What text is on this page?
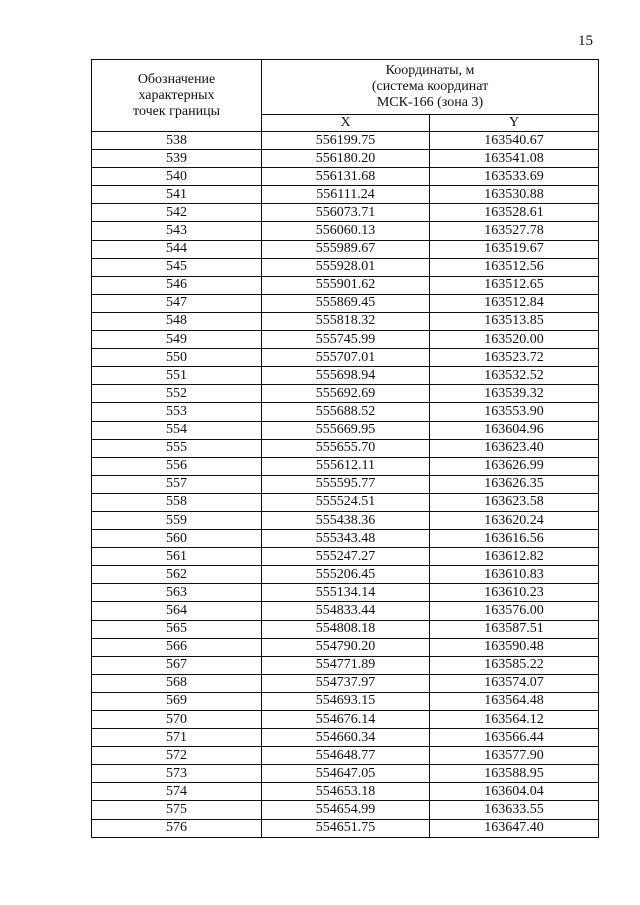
15
Обозначение
характерных
точек границы	Координаты, м
(система координат
МСК-166 (зона 3)	

	X	Y
538	556199.75	163540.67
539	556180.20	163541.08
540	556131.68	163533.69
541	556111.24	163530.88
542	556073.71	163528.61
543	556060.13	163527.78
544	555989.67	163519.67
545	555928.01	163512.56
546	555901.62	163512.65
547	555869.45	163512.84
548	555818.32	163513.85
549	555745.99	163520.00
550	555707.01	163523.72
551	555698.94	163532.52
552	555692.69	163539.32
553	555688.52	163553.90
554	555669.95	163604.96
555	555655.70	163623.40
556	555612.11	163626.99
557	555595.77	163626.35
558	555524.51	163623.58
559	555438.36	163620.24
560	555343.48	163616.56
561	555247.27	163612.82
562	555206.45	163610.83
563	555134.14	163610.23
564	554833.44	163576.00
565	554808.18	163587.51
566	554790.20	163590.48
567	554771.89	163585.22
568	554737.97	163574.07
569	554693.15	163564.48
570	554676.14	163564.12
571	554660.34	163566.44
572	554648.77	163577.90
573	554647.05	163588.95
574	554653.18	163604.04
575	554654.99	163633.55
576	554651.75	163647.40
